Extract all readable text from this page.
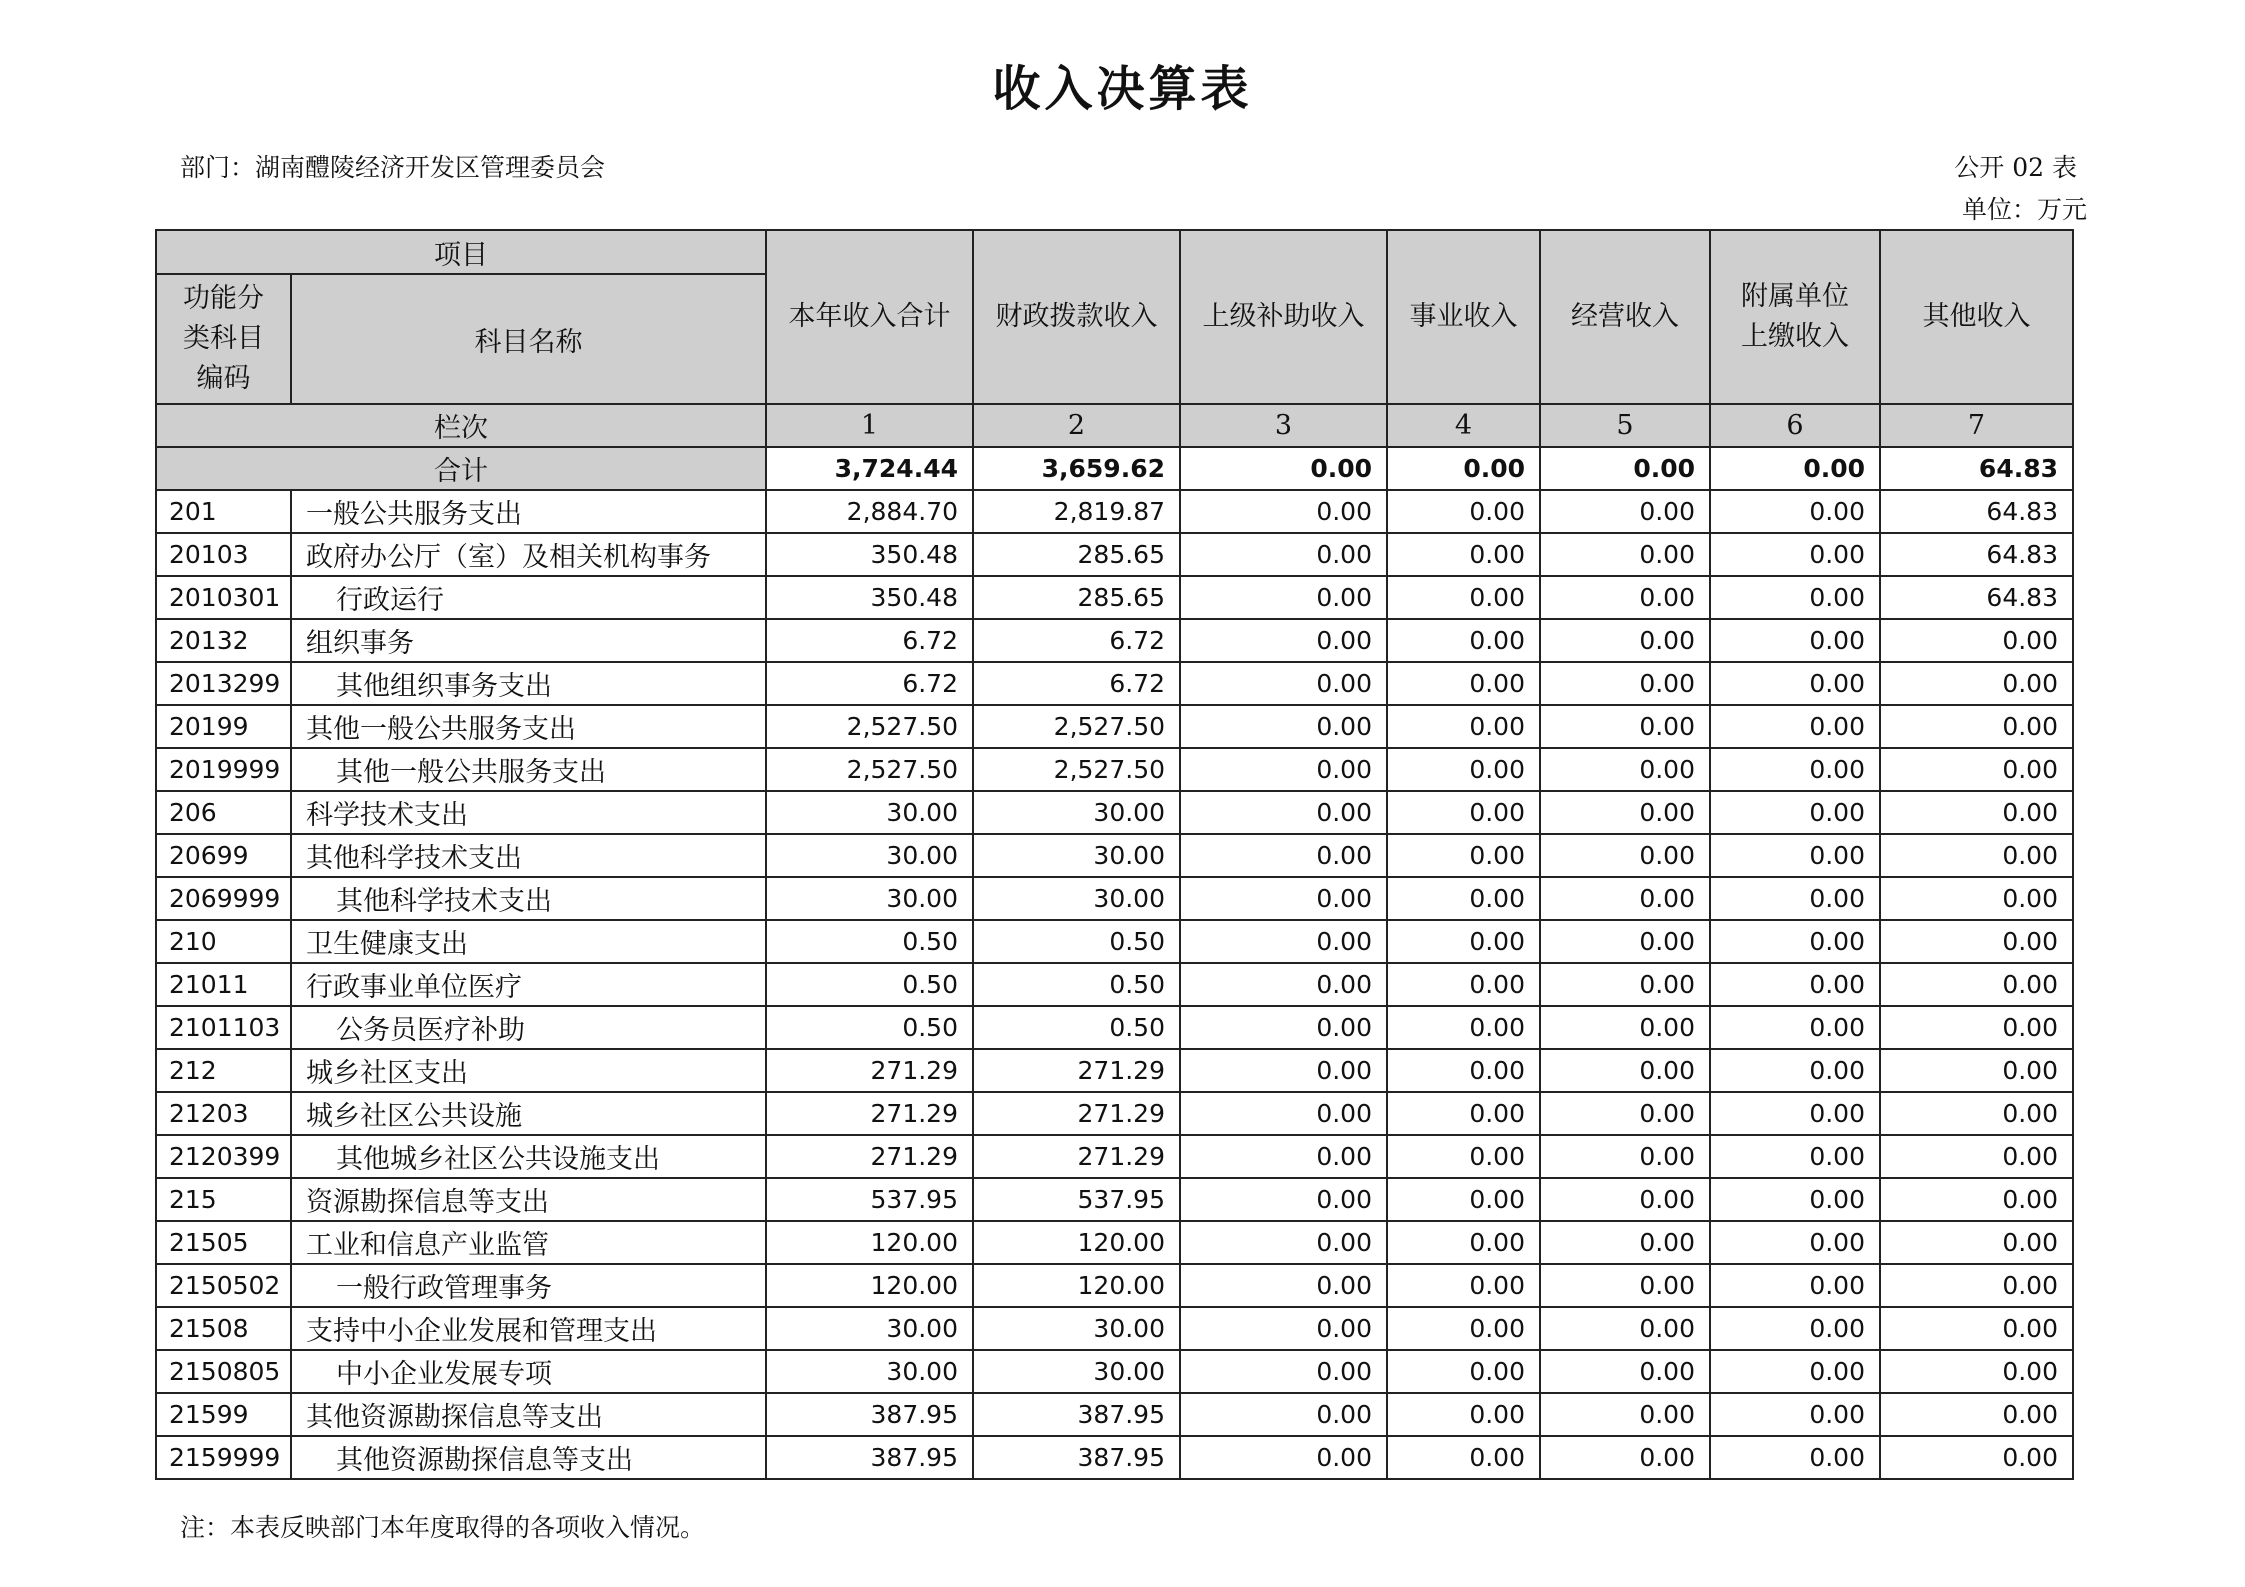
收入决算表
部门：湖南醴陵经济开发区管理委员会	公开 02 表
单位：万元
项目		本年收入合计	财政拨款收入	上级补助收入	事业收入	经营收入	附属单位上缴收入	其他收入
功能分类科目编码	科目名称							
栏次		1	2	3	4	5	6	7
合计		3,724.44	3,659.62	0.00	0.00	0.00	0.00	64.83
201	一般公共服务支出	2,884.70	2,819.87	0.00	0.00	0.00	0.00	64.83
20103	政府办公厅（室）及相关机构事务	350.48	285.65	0.00	0.00	0.00	0.00	64.83
2010301	行政运行	350.48	285.65	0.00	0.00	0.00	0.00	64.83
20132	组织事务	6.72	6.72	0.00	0.00	0.00	0.00	0.00
2013299	其他组织事务支出	6.72	6.72	0.00	0.00	0.00	0.00	0.00
20199	其他一般公共服务支出	2,527.50	2,527.50	0.00	0.00	0.00	0.00	0.00
2019999	其他一般公共服务支出	2,527.50	2,527.50	0.00	0.00	0.00	0.00	0.00
206	科学技术支出	30.00	30.00	0.00	0.00	0.00	0.00	0.00
20699	其他科学技术支出	30.00	30.00	0.00	0.00	0.00	0.00	0.00
2069999	其他科学技术支出	30.00	30.00	0.00	0.00	0.00	0.00	0.00
210	卫生健康支出	0.50	0.50	0.00	0.00	0.00	0.00	0.00
21011	行政事业单位医疗	0.50	0.50	0.00	0.00	0.00	0.00	0.00
2101103	公务员医疗补助	0.50	0.50	0.00	0.00	0.00	0.00	0.00
212	城乡社区支出	271.29	271.29	0.00	0.00	0.00	0.00	0.00
21203	城乡社区公共设施	271.29	271.29	0.00	0.00	0.00	0.00	0.00
2120399	其他城乡社区公共设施支出	271.29	271.29	0.00	0.00	0.00	0.00	0.00
215	资源勘探信息等支出	537.95	537.95	0.00	0.00	0.00	0.00	0.00
21505	工业和信息产业监管	120.00	120.00	0.00	0.00	0.00	0.00	0.00
2150502	一般行政管理事务	120.00	120.00	0.00	0.00	0.00	0.00	0.00
21508	支持中小企业发展和管理支出	30.00	30.00	0.00	0.00	0.00	0.00	0.00
2150805	中小企业发展专项	30.00	30.00	0.00	0.00	0.00	0.00	0.00
21599	其他资源勘探信息等支出	387.95	387.95	0.00	0.00	0.00	0.00	0.00
2159999	其他资源勘探信息等支出	387.95	387.95	0.00	0.00	0.00	0.00	0.00
注：本表反映部门本年度取得的各项收入情况。
